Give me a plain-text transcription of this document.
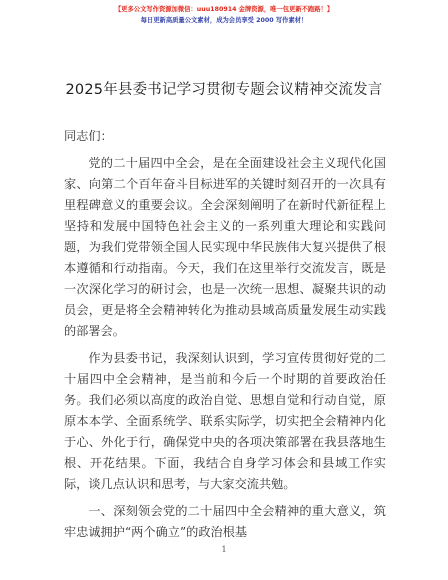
【更多公文写作资源加微信：uuu180914 金牌资源，唯一包更新不跑路！】
每日更新高质量公文素材，成为会员享受 2000 写作素材！
2025年县委书记学习贯彻专题会议精神交流发言

同志们：

党的二十届四中全会，是在全面建设社会主义现代化国家、向第二个百年奋斗目标进军的关键时刻召开的一次具有里程碑意义的重要会议。全会深刻阐明了在新时代新征程上坚持和发展中国特色社会主义的一系列重大理论和实践问题，为我们党带领全国人民实现中华民族伟大复兴提供了根本遵循和行动指南。今天，我们在这里举行交流发言，既是一次深化学习的研讨会，也是一次统一思想、凝聚共识的动员会，更是将全会精神转化为推动县域高质量发展生动实践的部署会。

作为县委书记，我深刻认识到，学习宣传贯彻好党的二十届四中全会精神，是当前和今后一个时期的首要政治任务。我们必须以高度的政治自觉、思想自觉和行动自觉，原原本本学、全面系统学、联系实际学，切实把全会精神内化于心、外化于行，确保党中央的各项决策部署在我县落地生根、开花结果。下面，我结合自身学习体会和县域工作实际，谈几点认识和思考，与大家交流共勉。

一、深刻领会党的二十届四中全会精神的重大意义，筑牢忠诚拥护“两个确立”的政治根基

1
